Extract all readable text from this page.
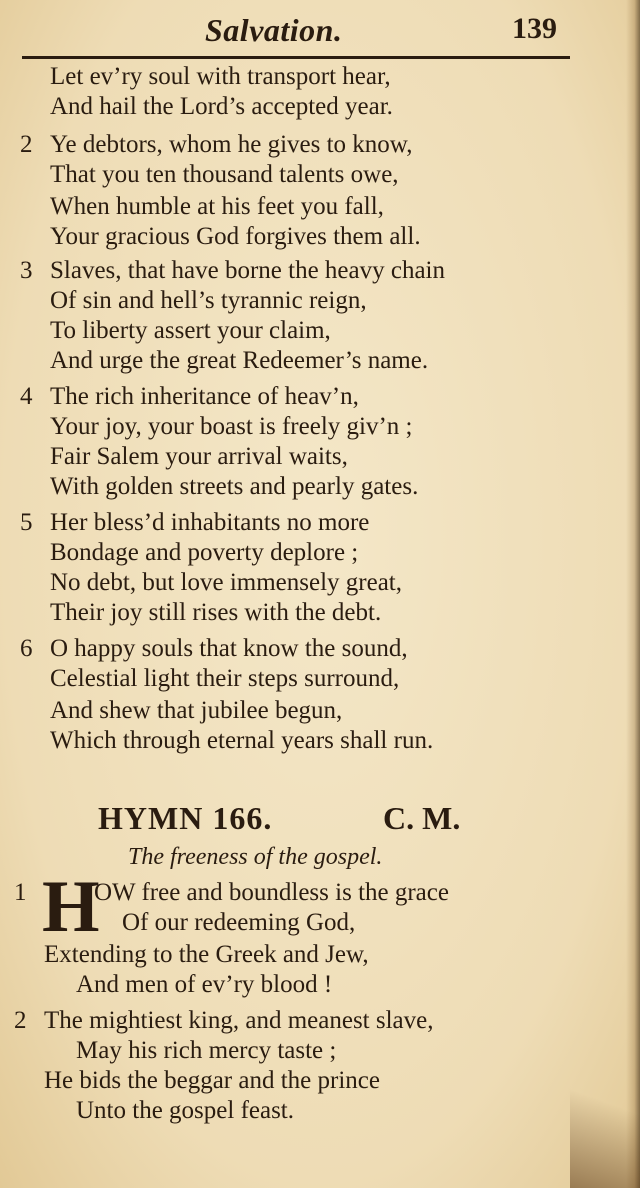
Salvation.	139
Let ev’ry soul with transport hear,
And hail the Lord’s accepted year.
2 Ye debtors, whom he gives to know,
That you ten thousand talents owe,
When humble at his feet you fall,
Your gracious God forgives them all.
3 Slaves, that have borne the heavy chain
Of sin and hell’s tyrannic reign,
To liberty assert your claim,
And urge the great Redeemer’s name.
4 The rich inheritance of heav’n,
Your joy, your boast is freely giv’n ;
Fair Salem your arrival waits,
With golden streets and pearly gates.
5 Her bless’d inhabitants no more
Bondage and poverty deplore ;
No debt, but love immensely great,
Their joy still rises with the debt.
6 O happy souls that know the sound,
Celestial light their steps surround,
And shew that jubilee begun,
Which through eternal years shall run.
HYMN 166.	C. M.
The freeness of the gospel.
1 H
OW free and boundless is the grace
Of our redeeming God,
Extending to the Greek and Jew,
And men of ev’ry blood !
2 The mightiest king, and meanest slave,
May his rich mercy taste ;
He bids the beggar and the prince
Unto the gospel feast.
